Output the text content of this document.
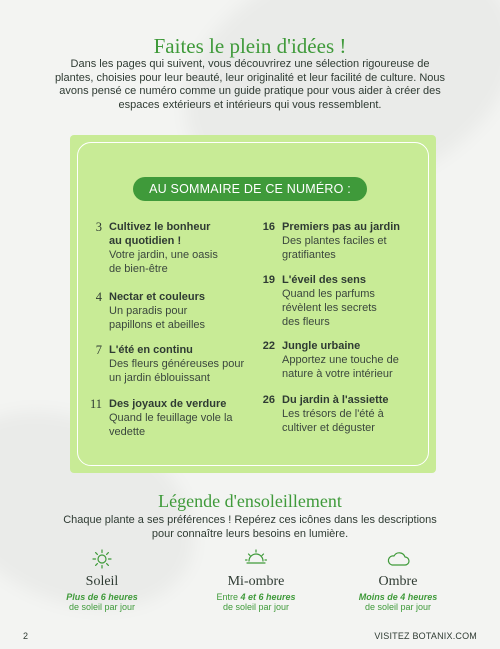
Faites le plein d'idées !
Dans les pages qui suivent, vous découvrirez une sélection rigoureuse de plantes, choisies pour leur beauté, leur originalité et leur facilité de culture. Nous avons pensé ce numéro comme un guide pratique pour vous aider à créer des espaces extérieurs et intérieurs qui vous ressemblent.
AU SOMMAIRE DE CE NUMÉRO :
3 Cultivez le bonheur au quotidien !
Votre jardin, une oasis de bien-être
4 Nectar et couleurs
Un paradis pour papillons et abeilles
7 L'été en continu
Des fleurs généreuses pour un jardin éblouissant
11 Des joyaux de verdure
Quand le feuillage vole la vedette
16 Premiers pas au jardin
Des plantes faciles et gratifiantes
19 L'éveil des sens
Quand les parfums révèlent les secrets des fleurs
22 Jungle urbaine
Apportez une touche de nature à votre intérieur
26 Du jardin à l'assiette
Les trésors de l'été à cultiver et déguster
Légende d'ensoleillement
Chaque plante a ses préférences ! Repérez ces icônes dans les descriptions pour connaître leurs besoins en lumière.
Soleil
Plus de 6 heures
de soleil par jour
Mi-ombre
Entre 4 et 6 heures
de soleil par jour
Ombre
Moins de 4 heures
de soleil par jour
2	VISITEZ BOTANIX.COM
